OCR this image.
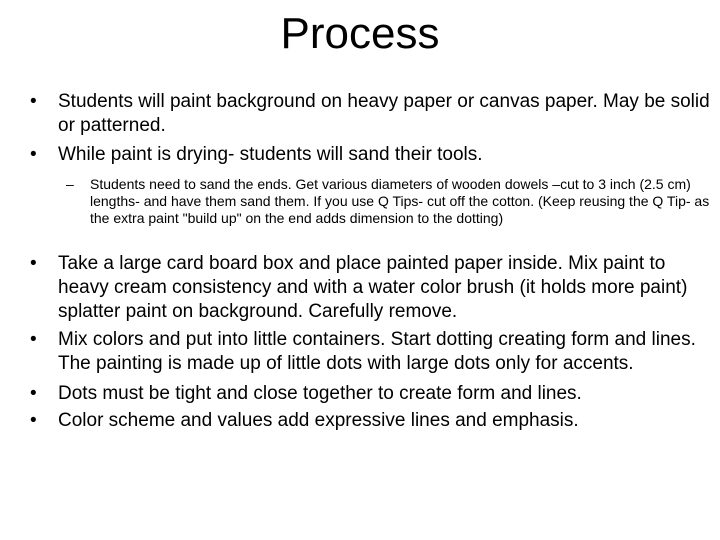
Process
• Students will paint background on heavy paper or canvas paper. May be solid or patterned.
• While paint is drying- students will sand their tools.
– Students need to sand the ends. Get various diameters of wooden dowels –cut to 3 inch (2.5 cm) lengths- and have them sand them. If you use Q Tips- cut off the cotton. (Keep reusing the Q Tip- as the extra paint "build up" on the end adds dimension to the dotting)
• Take a large card board box and place painted paper inside. Mix paint to heavy cream consistency and with a water color brush (it holds more paint) splatter paint on background. Carefully remove.
• Mix colors and put into little containers. Start dotting creating form and lines. The painting is made up of little dots with large dots only for accents.
• Dots must be tight and close together to create form and lines.
• Color scheme and values add expressive lines and emphasis.
